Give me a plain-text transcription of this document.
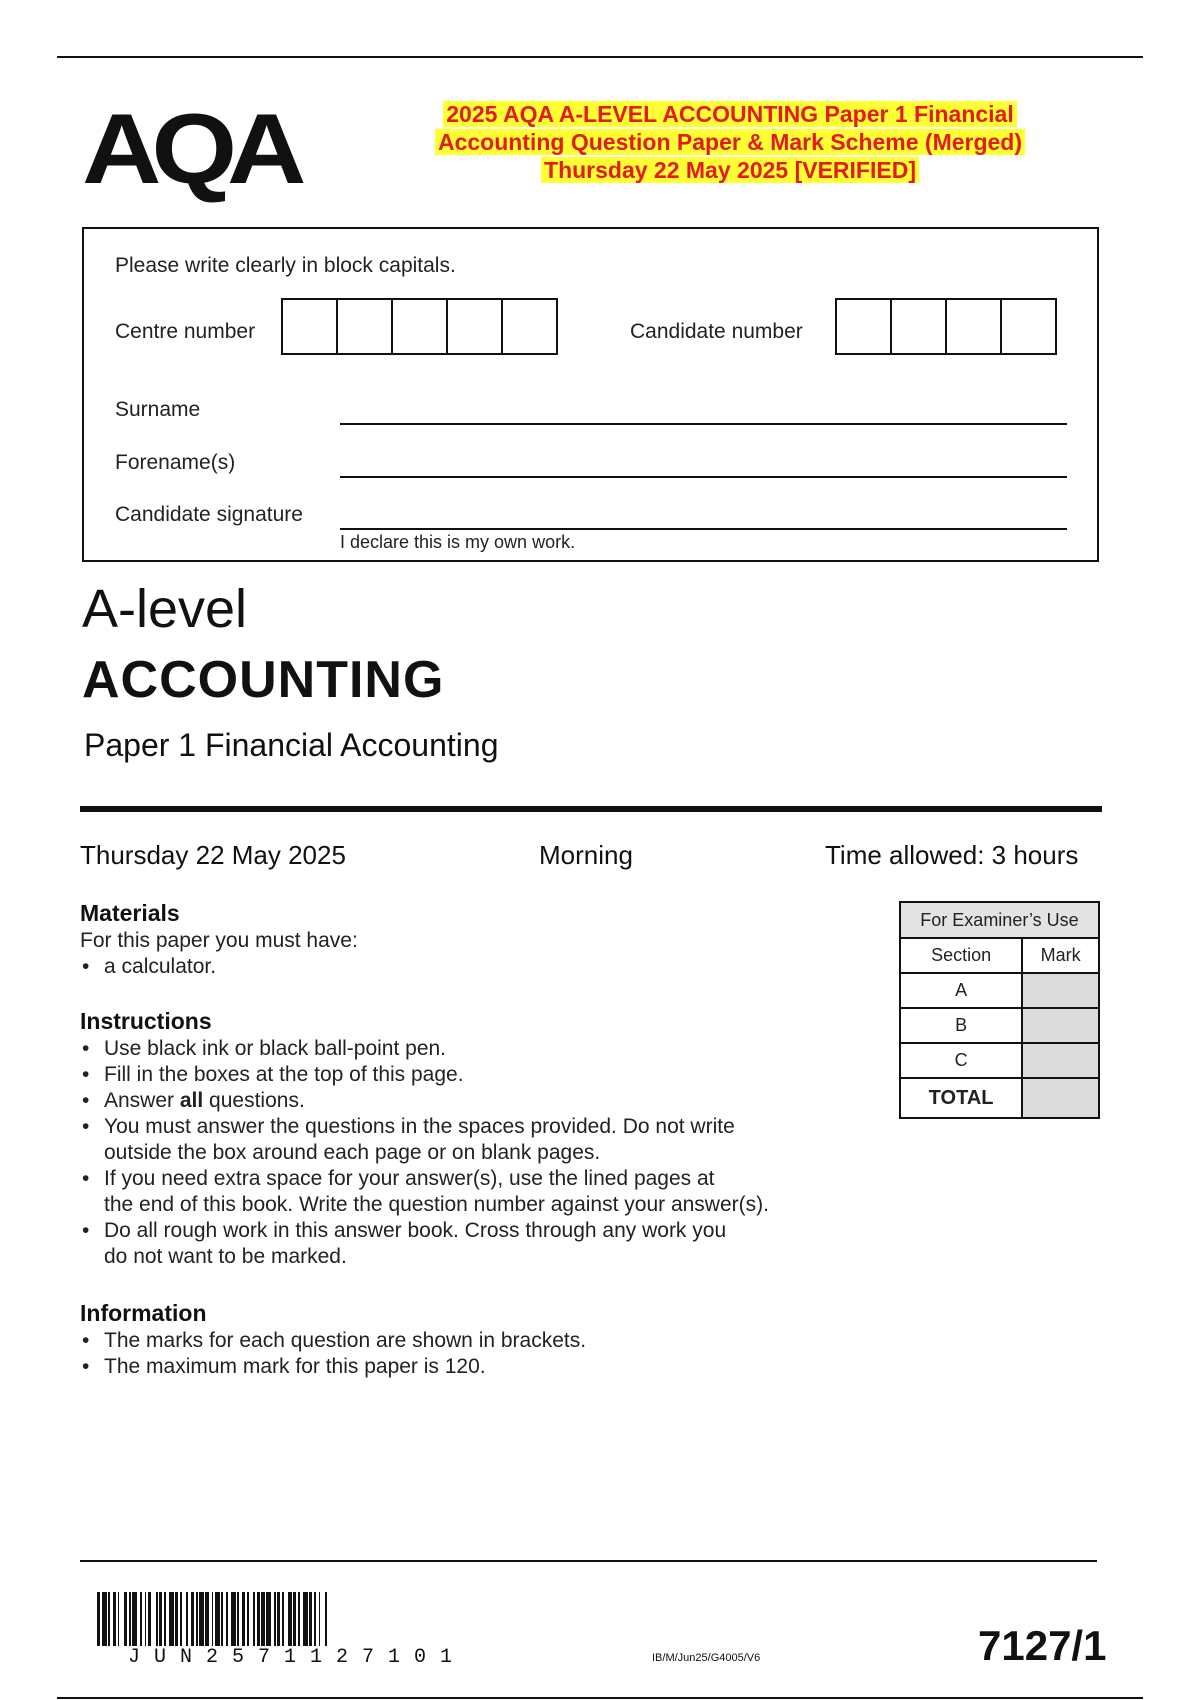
AQA	2025 AQA A-LEVEL ACCOUNTING Paper 1 Financial
Accounting Question Paper & Mark Scheme (Merged)
Thursday 22 May 2025 [VERIFIED]
Please write clearly in block capitals.
Centre number	Candidate number
Surname
Forename(s)
Candidate signature
I declare this is my own work.
A-level
ACCOUNTING
Paper 1 Financial Accounting
Thursday 22 May 2025	Morning	Time allowed: 3 hours
Materials
For this paper you must have:
• a calculator.
Instructions
• Use black ink or black ball-point pen.
• Fill in the boxes at the top of this page.
• Answer all questions.
• You must answer the questions in the spaces provided. Do not write
outside the box around each page or on blank pages.
• If you need extra space for your answer(s), use the lined pages at
the end of this book. Write the question number against your answer(s).
• Do all rough work in this answer book. Cross through any work you
do not want to be marked.
Information
• The marks for each question are shown in brackets.
• The maximum mark for this paper is 120.
For Examiner’s Use	
Section	Mark
A	
B	
C	
TOTAL	
JUN2571127101	IB/M/Jun25/G4005/V6	7127/1
